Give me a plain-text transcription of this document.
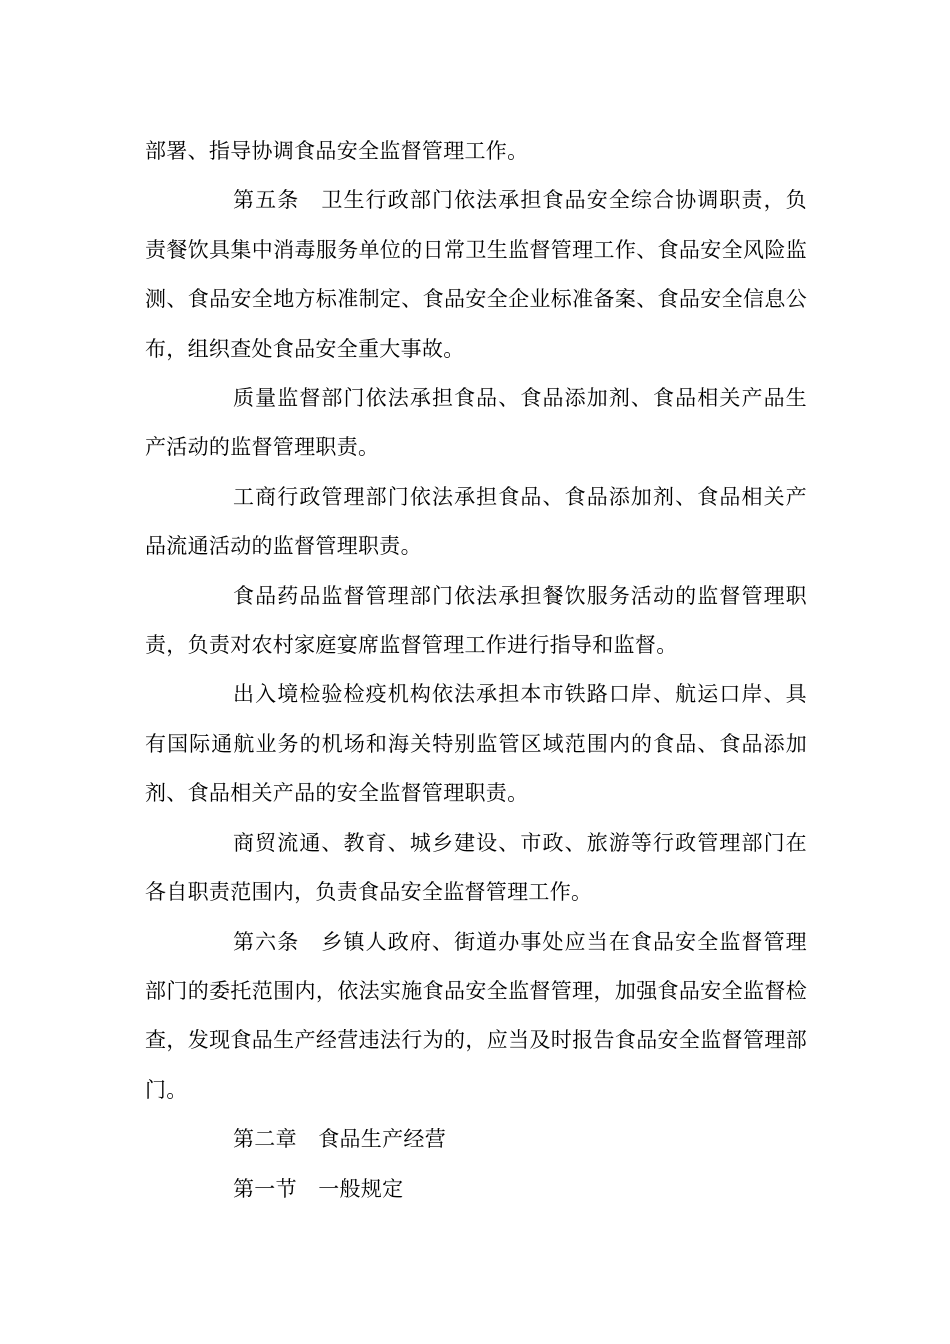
部署、指导协调食品安全监督管理工作。

第五条　卫生行政部门依法承担食品安全综合协调职责，负责餐饮具集中消毒服务单位的日常卫生监督管理工作、食品安全风险监测、食品安全地方标准制定、食品安全企业标准备案、食品安全信息公布，组织查处食品安全重大事故。

质量监督部门依法承担食品、食品添加剂、食品相关产品生产活动的监督管理职责。

工商行政管理部门依法承担食品、食品添加剂、食品相关产品流通活动的监督管理职责。

食品药品监督管理部门依法承担餐饮服务活动的监督管理职责，负责对农村家庭宴席监督管理工作进行指导和监督。

出入境检验检疫机构依法承担本市铁路口岸、航运口岸、具有国际通航业务的机场和海关特别监管区域范围内的食品、食品添加剂、食品相关产品的安全监督管理职责。

商贸流通、教育、城乡建设、市政、旅游等行政管理部门在各自职责范围内，负责食品安全监督管理工作。

第六条　乡镇人政府、街道办事处应当在食品安全监督管理部门的委托范围内，依法实施食品安全监督管理，加强食品安全监督检查，发现食品生产经营违法行为的，应当及时报告食品安全监督管理部门。

第二章　食品生产经营

第一节　一般规定
